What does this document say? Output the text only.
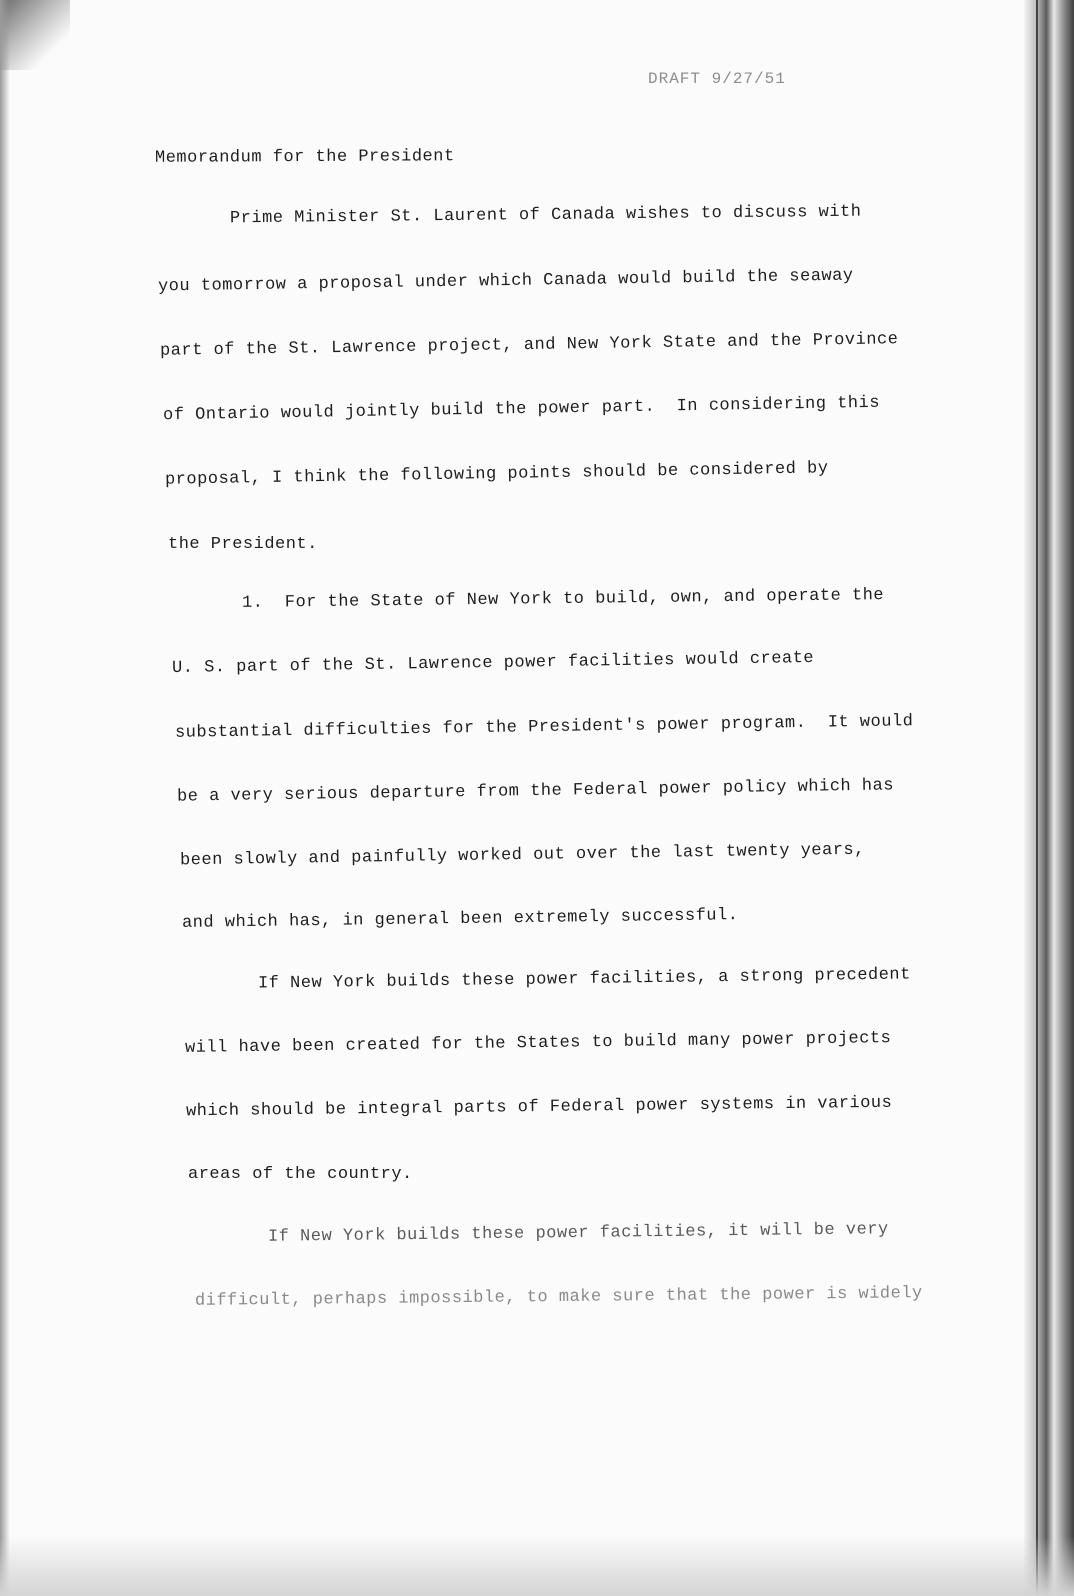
DRAFT 9/27/51
Memorandum for the President
Prime Minister St. Laurent of Canada wishes to discuss with
you tomorrow a proposal under which Canada would build the seaway
part of the St. Lawrence project, and New York State and the Province
of Ontario would jointly build the power part.  In considering this
proposal, I think the following points should be considered by
the President.
1.  For the State of New York to build, own, and operate the
U. S. part of the St. Lawrence power facilities would create
substantial difficulties for the President's power program.  It would
be a very serious departure from the Federal power policy which has
been slowly and painfully worked out over the last twenty years,
and which has, in general been extremely successful.
If New York builds these power facilities, a strong precedent
will have been created for the States to build many power projects
which should be integral parts of Federal power systems in various
areas of the country.
If New York builds these power facilities, it will be very
difficult, perhaps impossible, to make sure that the power is widely
